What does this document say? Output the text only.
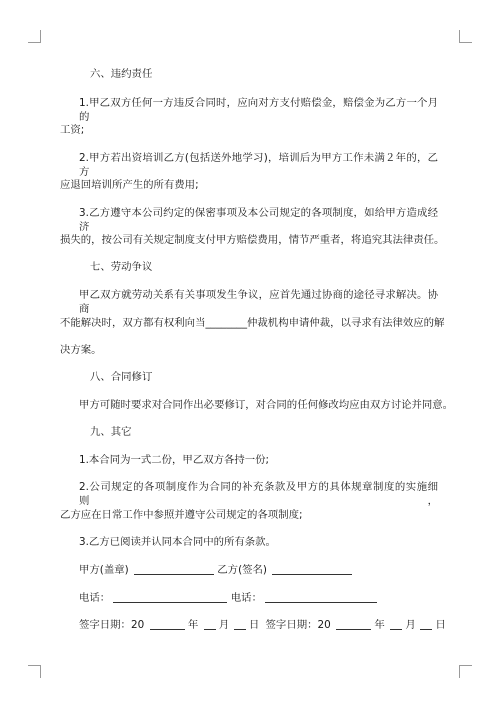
六、违约责任
1.甲乙双方任何一方违反合同时，应向对方支付赔偿金，赔偿金为乙方一个月的
工资;
2.甲方若出资培训乙方(包括送外地学习)，培训后为甲方工作未满２年的，乙方
应退回培训所产生的所有费用;
3.乙方遵守本公司约定的保密事项及本公司规定的各项制度，如给甲方造成经济
损失的，按公司有关规定制度支付甲方赔偿费用，情节严重者，将追究其法律责任。
七、劳动争议
甲乙双方就劳动关系有关事项发生争议，应首先通过协商的途径寻求解决。协商
不能解决时，双方都有权利向当________仲裁机构申请仲裁，以寻求有法律效应的解
决方案。
八、合同修订
甲方可随时要求对合同作出必要修订，对合同的任何修改均应由双方讨论并同意。
九、其它
1.本合同为一式二份，甲乙双方各持一份;
2.公司规定的各项制度作为合同的补充条款及甲方的具体规章制度的实施细则，
乙方应在日常工作中参照并遵守公司规定的各项制度;
3.乙方已阅读并认同本合同中的所有条款。
甲方(盖章)	乙方(签名)
电话：	电话：
签字日期：20	年 月 日 签字日期：20	年 月 日
